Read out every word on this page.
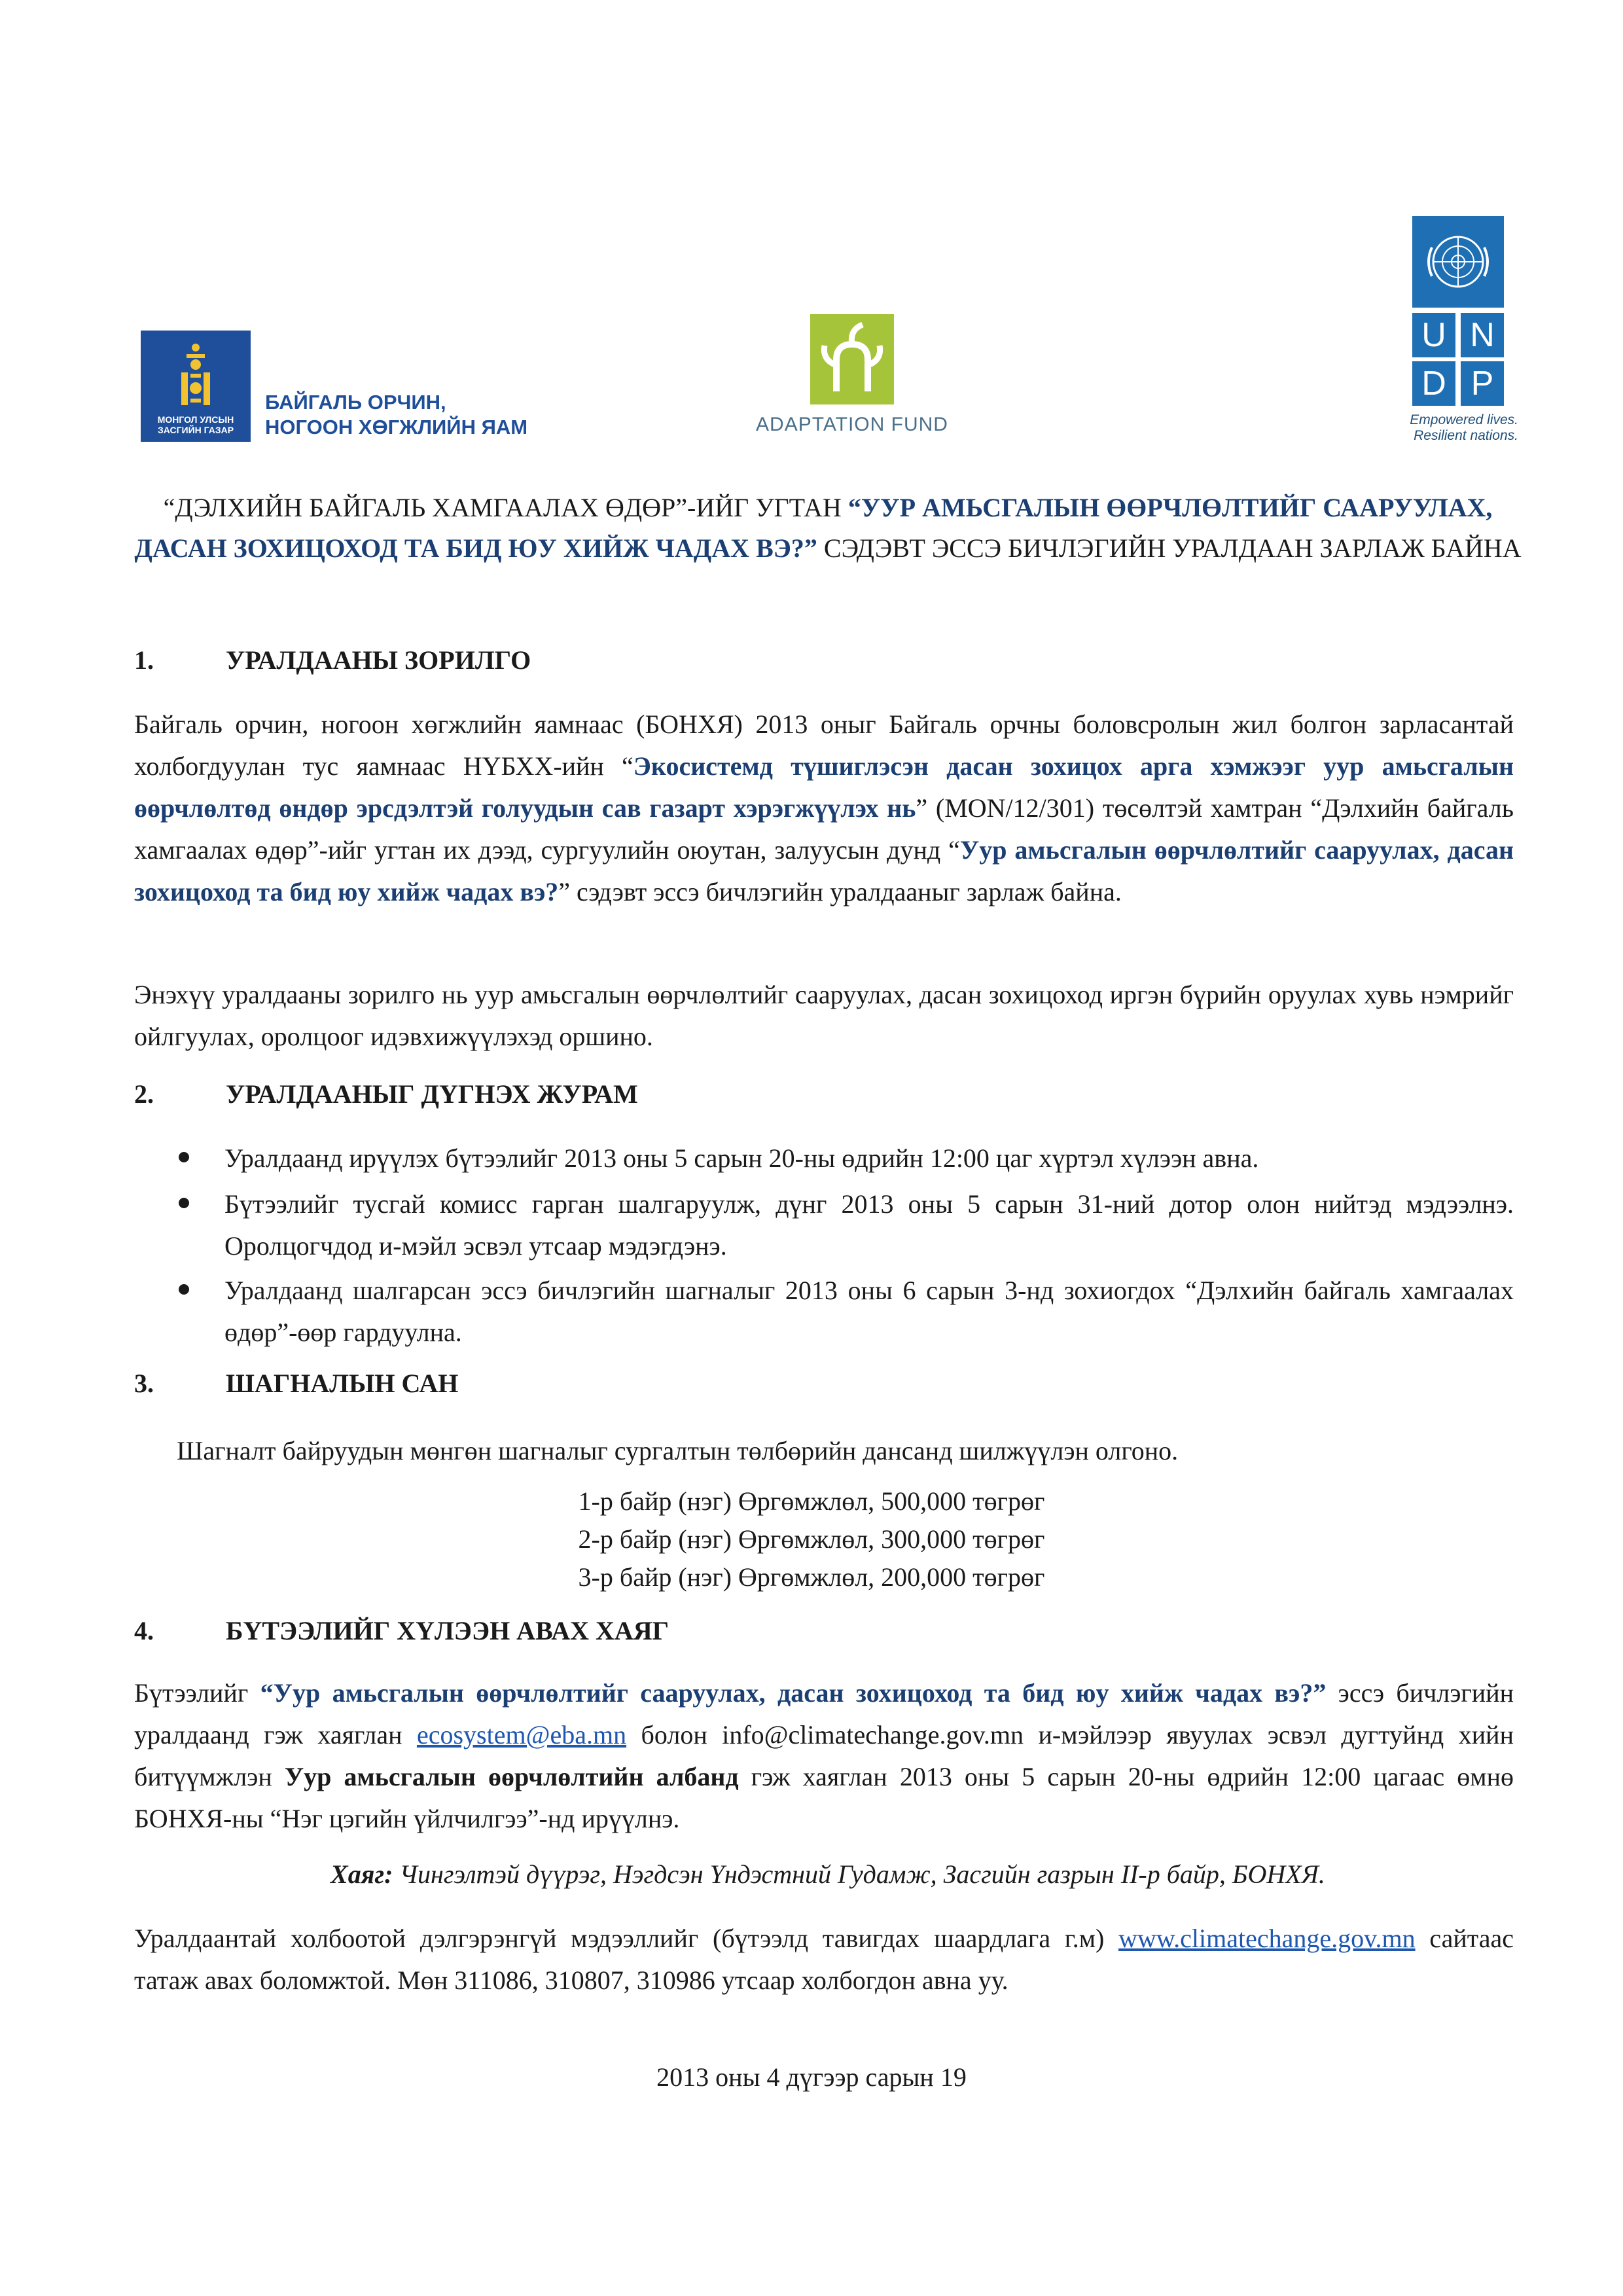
МОНГОЛ УЛСЫН
ЗАСГИЙН ГАЗАР
БАЙГАЛЬ ОРЧИН,
НОГООН ХӨГЖЛИЙН ЯАМ	ADAPTATION FUND
U N
D P
Empowered lives.
Resilient nations.
“ДЭЛХИЙН БАЙГАЛЬ ХАМГААЛАХ ӨДӨР”-ИЙГ УГТАН “УУР АМЬСГАЛЫН ӨӨРЧЛӨЛТИЙГ СААРУУЛАХ, ДАСАН ЗОХИЦОХОД ТА БИД ЮУ ХИЙЖ ЧАДАХ ВЭ?” СЭДЭВТ ЭССЭ БИЧЛЭГИЙН УРАЛДААН ЗАРЛАЖ БАЙНА
1.	УРАЛДААНЫ ЗОРИЛГО
Байгаль орчин, ногоон хөгжлийн яамнаас (БОНХЯ) 2013 оныг Байгаль орчны боловсролын жил болгон зарласантай холбогдуулан тус яамнаас НҮБХХ-ийн “Экосистемд түшиглэсэн дасан зохицох арга хэмжээг уур амьсгалын өөрчлөлтөд өндөр эрсдэлтэй голуудын сав газарт хэрэгжүүлэх нь” (MON/12/301) төсөлтэй хамтран “Дэлхийн байгаль хамгаалах өдөр”-ийг угтан их дээд, сургуулийн оюутан, залуусын дунд “Уур амьсгалын өөрчлөлтийг сааруулах, дасан зохицоход та бид юу хийж чадах вэ?” сэдэвт эссэ бичлэгийн уралдааныг зарлаж байна.
Энэхүү уралдааны зорилго нь уур амьсгалын өөрчлөлтийг сааруулах, дасан зохицоход иргэн бүрийн оруулах хувь нэмрийг ойлгуулах, оролцоог идэвхижүүлэхэд оршино.
2.	УРАЛДААНЫГ ДҮГНЭХ ЖУРАМ
Уралдаанд ирүүлэх бүтээлийг 2013 оны 5 сарын 20-ны өдрийн 12:00 цаг хүртэл хүлээн авна.
Бүтээлийг тусгай комисс гарган шалгаруулж, дүнг 2013 оны 5 сарын 31-ний дотор олон нийтэд мэдээлнэ. Оролцогчдод и-мэйл эсвэл утсаар мэдэгдэнэ.
Уралдаанд шалгарсан эссэ бичлэгийн шагналыг 2013 оны 6 сарын 3-нд зохиогдох “Дэлхийн байгаль хамгаалах өдөр”-өөр гардуулна.
3.	ШАГНАЛЫН САН
Шагналт байруудын мөнгөн шагналыг сургалтын төлбөрийн дансанд шилжүүлэн олгоно.
1-р байр (нэг) Өргөмжлөл, 500,000 төгрөг
2-р байр (нэг) Өргөмжлөл, 300,000 төгрөг
3-р байр (нэг) Өргөмжлөл, 200,000 төгрөг
4.	БҮТЭЭЛИЙГ ХҮЛЭЭН АВАХ ХАЯГ
Бүтээлийг “Уур амьсгалын өөрчлөлтийг сааруулах, дасан зохицоход та бид юу хийж чадах вэ?” эссэ бичлэгийн уралдаанд гэж хаяглан ecosystem@eba.mn болон info@climatechange.gov.mn и-мэйлээр явуулах эсвэл дугтуйнд хийн битүүмжлэн Уур амьсгалын өөрчлөлтийн албанд гэж хаяглан 2013 оны 5 сарын 20-ны өдрийн 12:00 цагаас өмнө БОНХЯ-ны “Нэг цэгийн үйлчилгээ”-нд ирүүлнэ.
Хаяг: Чингэлтэй дүүрэг, Нэгдсэн Үндэстний Гудамж, Засгийн газрын II-р байр, БОНХЯ.
Уралдаантай холбоотой дэлгэрэнгүй мэдээллийг (бүтээлд тавигдах шаардлага г.м) www.climatechange.gov.mn сайтаас татаж авах боломжтой. Мөн 311086, 310807, 310986 утсаар холбогдон авна уу.
2013 оны 4 дүгээр сарын 19
